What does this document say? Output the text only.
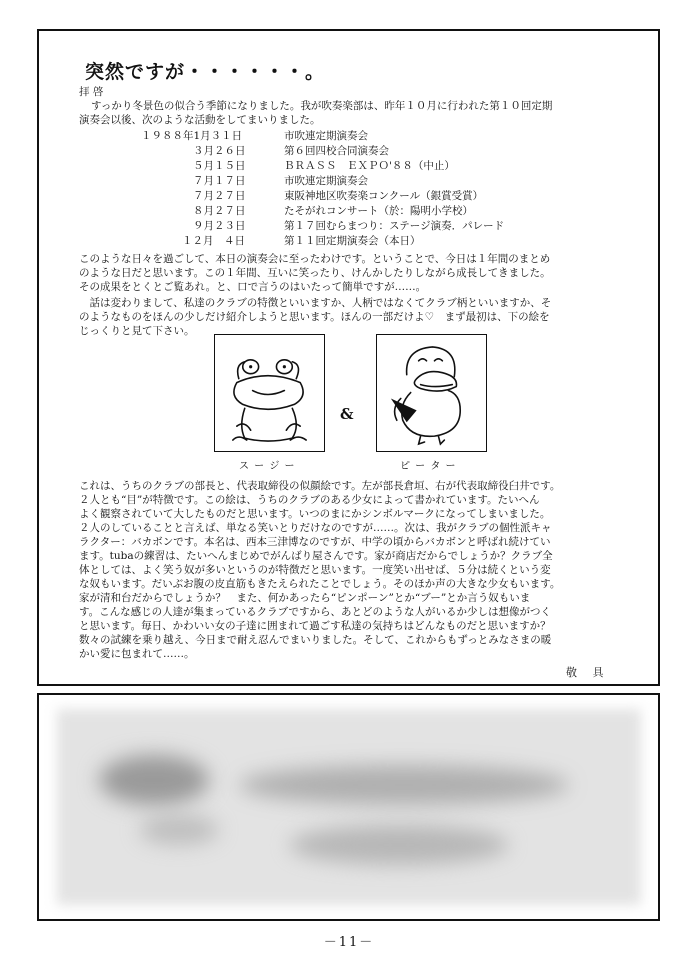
突然ですが・・・・・・。
拝 啓
すっかり冬景色の似合う季節になりました。我が吹奏楽部は、昨年１０月に行われた第１０回定期
演奏会以後、次のような活動をしてまいりました。
１９８８年1月３１日	市吹連定期演奏会
３月２６日	第６回四校合同演奏会
５月１５日	ＢＲＡＳＳ　ＥＸＰＯ'８８（中止）
７月１７日	市吹連定期演奏会
７月２７日	東阪神地区吹奏楽コンクール（銀賞受賞）
８月２７日	たそがれコンサート（於：陽明小学校）
９月２３日	第１７回むらまつり：ステージ演奏．パレード
１２月　４日	第１１回定期演奏会（本日）
このような日々を過ごして、本日の演奏会に至ったわけです。ということで、今日は１年間のまとめ
のような日だと思います。この１年間、互いに笑ったり、けんかしたりしながら成長してきました。
その成果をとくとご覧あれ。と、口で言うのはいたって簡単ですが……。
　話は変わりまして、私達のクラブの特徴といいますか、人柄ではなくてクラブ柄といいますか、そ
のようなものをほんの少しだけ紹介しようと思います。ほんの一部だけよ♡　まず最初は、下の絵を
じっくりと見て下さい。
ス ー ジ ー
&
ピ ー タ ー
これは、うちのクラブの部長と、代表取締役の似顔絵です。左が部長倉垣、右が代表取締役臼井です。
２人とも“目”が特徴です。この絵は、うちのクラブのある少女によって書かれています。たいへん
よく観察されていて大したものだと思います。いつのまにかシンボルマークになってしまいました。
２人のしていることと言えば、単なる笑いとりだけなのですが……。次は、我がクラブの個性派キャ
ラクター：バカボンです。本名は、西本三津博なのですが、中学の頃からバカボンと呼ばれ続けてい
ます。tubaの練習は、たいへんまじめでがんばり屋さんです。家が商店だからでしょうか？クラブ全
体としては、よく笑う奴が多いというのが特徴だと思います。一度笑い出せば、５分は続くという変
な奴もいます。だいぶお腹の皮直筋もきたえられたことでしょう。そのほか声の大きな少女もいます。
家が清和台だからでしょうか？　また、何かあったら“ピンポーン”とか“ブー”とか言う奴もいま
す。こんな感じの人達が集まっているクラブですから、あとどのような人がいるか少しは想像がつく
と思います。毎日、かわいい女の子達に囲まれて過ごす私達の気持ちはどんなものだと思いますか？
数々の試練を乗り越え、今日まで耐え忍んでまいりました。そして、これからもずっとみなさまの暖
かい愛に包まれて……。
敬 具
－11－
